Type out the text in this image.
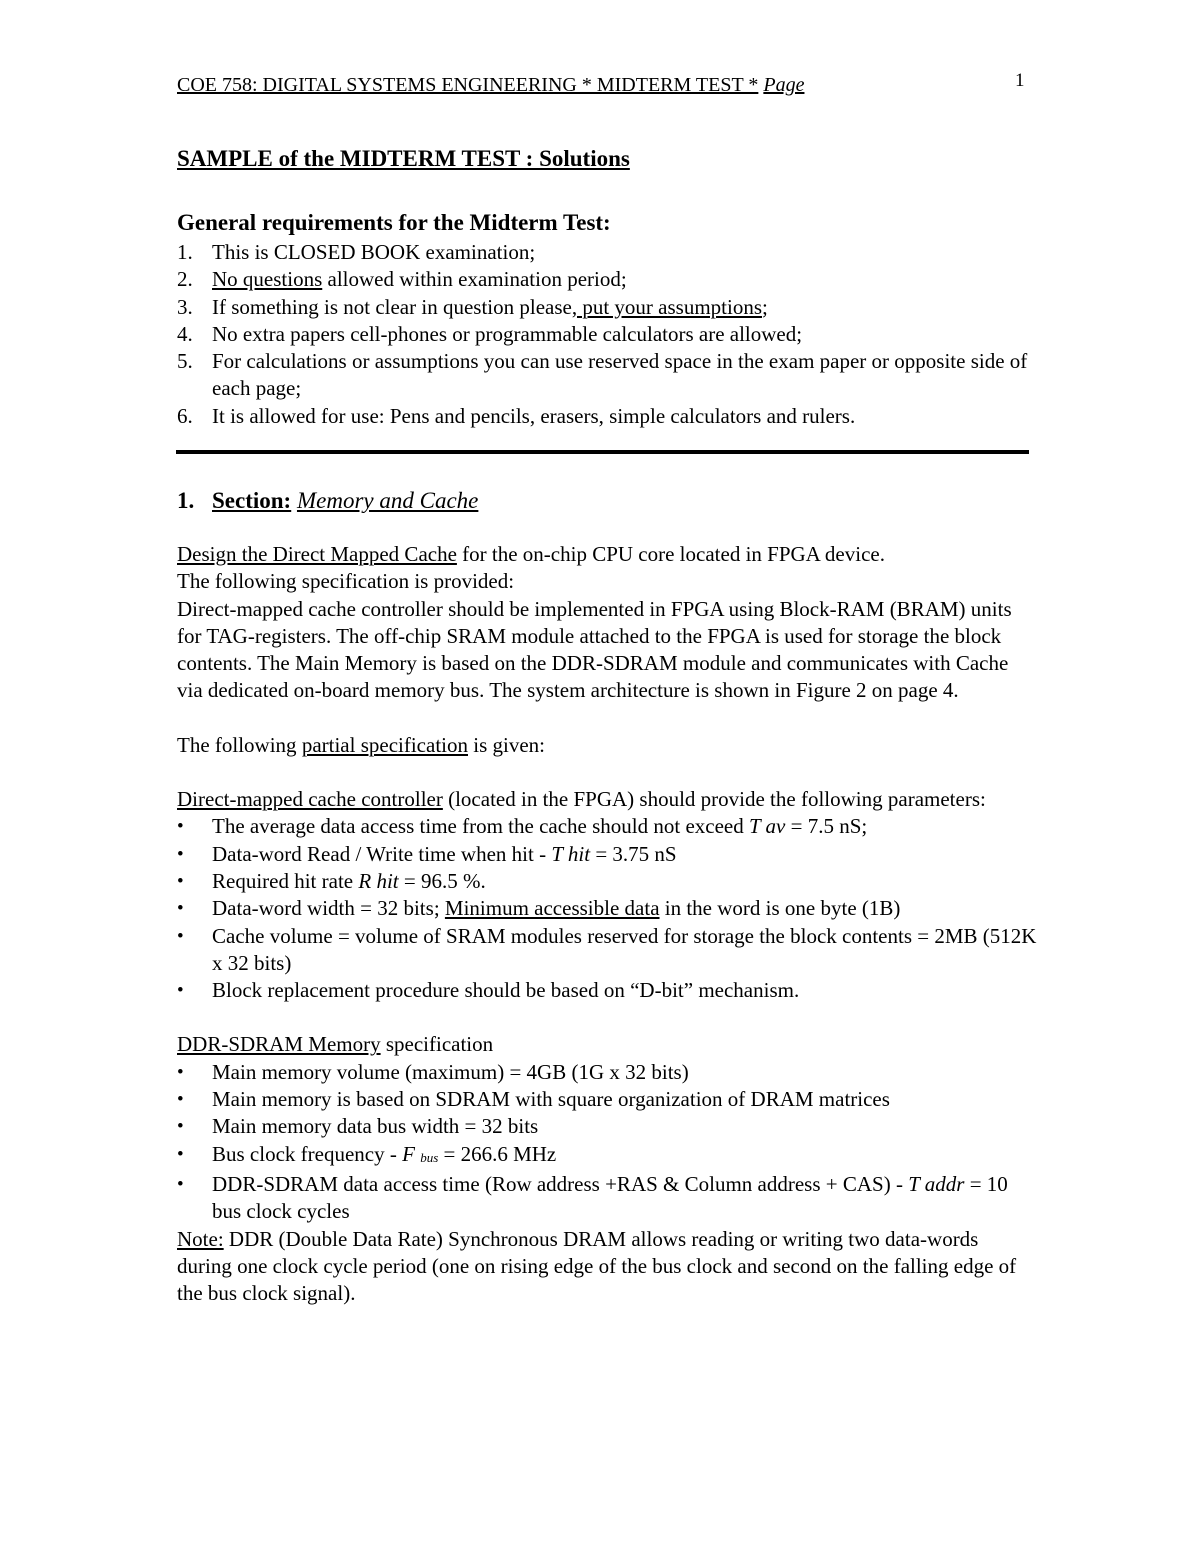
COE 758: DIGITAL SYSTEMS ENGINEERING * MIDTERM TEST * Page	1
SAMPLE of the MIDTERM TEST : Solutions
General requirements for the Midterm Test:
1. This is CLOSED BOOK examination;
2. No questions allowed within examination period;
3. If something is not clear in question please, put your assumptions;
4. No extra papers cell-phones or programmable calculators are allowed;
5. For calculations or assumptions you can use reserved space in the exam paper or opposite side of each page;
6. It is allowed for use: Pens and pencils, erasers, simple calculators and rulers.
1. Section: Memory and Cache

Design the Direct Mapped Cache for the on-chip CPU core located in FPGA device.

The following specification is provided:

Direct-mapped cache controller should be implemented in FPGA using Block-RAM (BRAM) units for TAG-registers. The off-chip SRAM module attached to the FPGA is used for storage the block contents. The Main Memory is based on the DDR-SDRAM module and communicates with Cache via dedicated on-board memory bus. The system architecture is shown in Figure 2 on page 4.

The following partial specification is given:

Direct-mapped cache controller (located in the FPGA) should provide the following parameters:

• The average data access time from the cache should not exceed T av = 7.5 nS;
• Data-word Read / Write time when hit - T hit = 3.75 nS
• Required hit rate R hit = 96.5 %.
• Data-word width = 32 bits; Minimum accessible data in the word is one byte (1B)
• Cache volume = volume of SRAM modules reserved for storage the block contents = 2MB (512K x 32 bits)
• Block replacement procedure should be based on “D-bit” mechanism.

DDR-SDRAM Memory specification

• Main memory volume (maximum) = 4GB (1G x 32 bits)
• Main memory is based on SDRAM with square organization of DRAM matrices
• Main memory data bus width = 32 bits
• Bus clock frequency - F $_{bus}$ = 266.6 MHz
• DDR-SDRAM data access time (Row address +RAS & Column address + CAS) - T addr = 10 bus clock cycles

Note: DDR (Double Data Rate) Synchronous DRAM allows reading or writing two data-words during one clock cycle period (one on rising edge of the bus clock and second on the falling edge of the bus clock signal).
